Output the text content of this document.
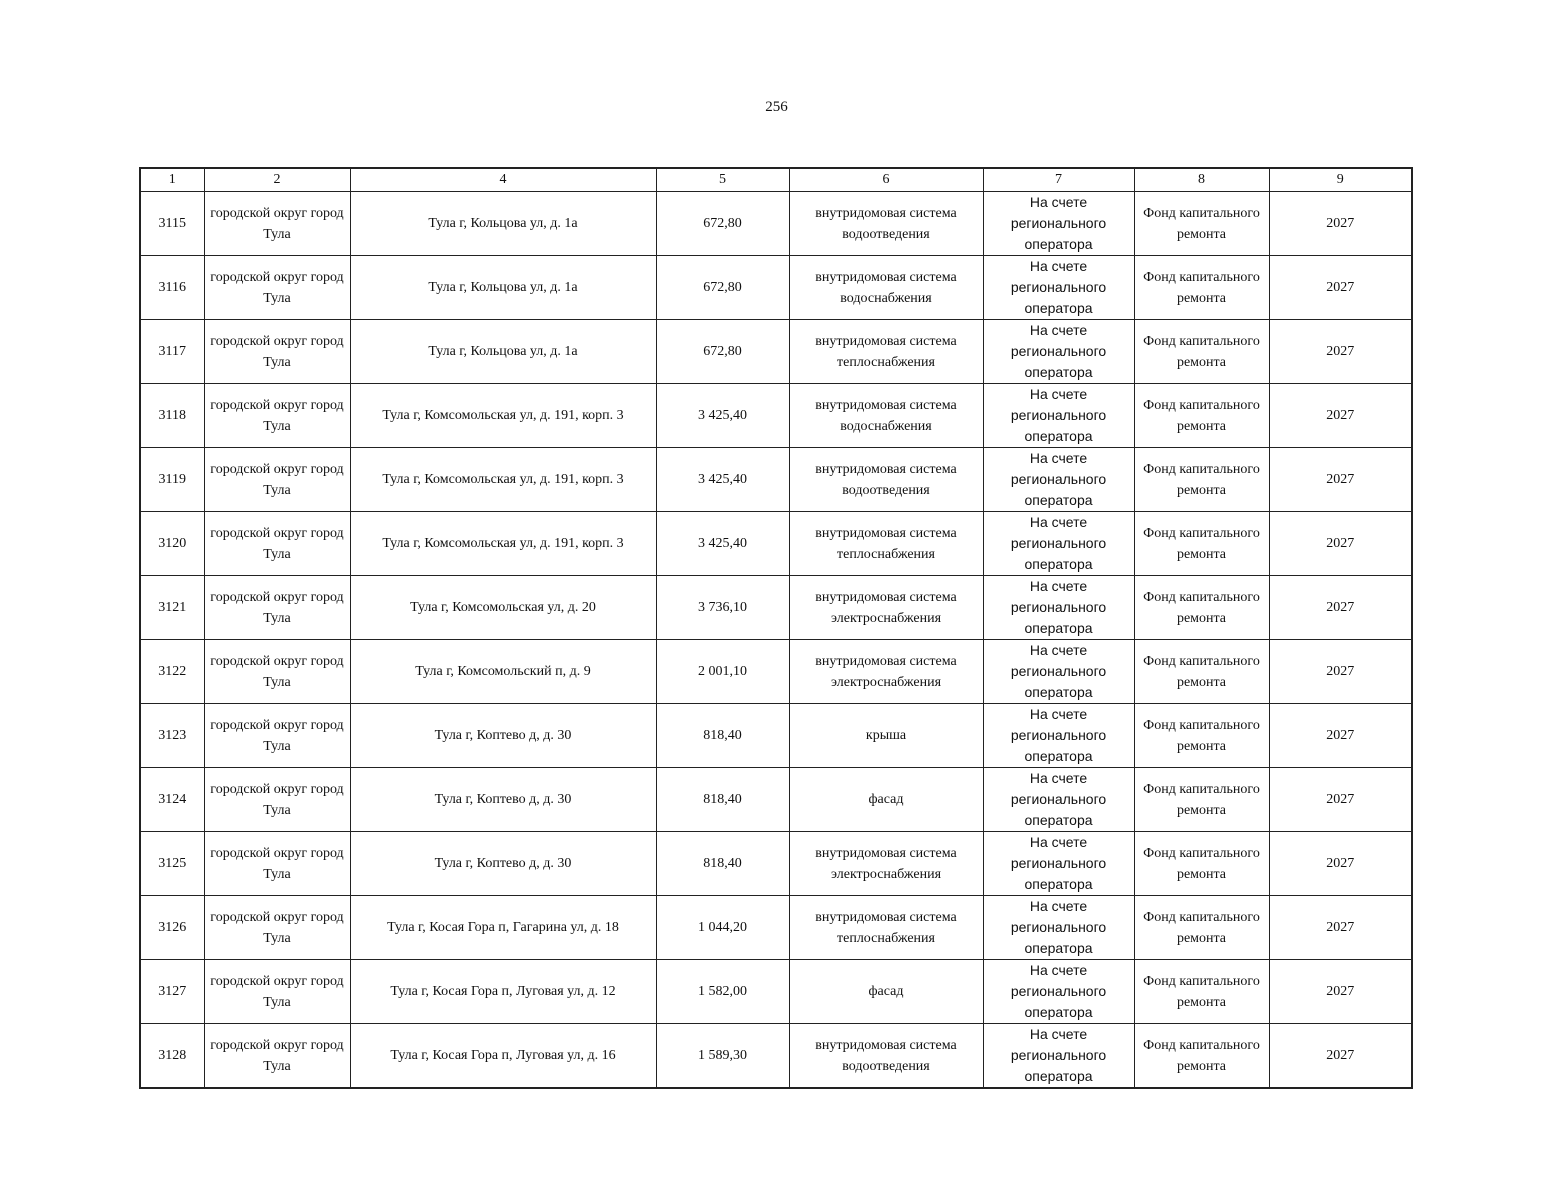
256
1	2	4	5	6	7	8	9
3115	городской округ город Тула	Тула г, Кольцова ул, д. 1а	672,80	внутридомовая система водоотведения	На счете регионального оператора	Фонд капитального ремонта	2027
3116	городской округ город Тула	Тула г, Кольцова ул, д. 1а	672,80	внутридомовая система водоснабжения	На счете регионального оператора	Фонд капитального ремонта	2027
3117	городской округ город Тула	Тула г, Кольцова ул, д. 1а	672,80	внутридомовая система теплоснабжения	На счете регионального оператора	Фонд капитального ремонта	2027
3118	городской округ город Тула	Тула г, Комсомольская ул, д. 191, корп. 3	3 425,40	внутридомовая система водоснабжения	На счете регионального оператора	Фонд капитального ремонта	2027
3119	городской округ город Тула	Тула г, Комсомольская ул, д. 191, корп. 3	3 425,40	внутридомовая система водоотведения	На счете регионального оператора	Фонд капитального ремонта	2027
3120	городской округ город Тула	Тула г, Комсомольская ул, д. 191, корп. 3	3 425,40	внутридомовая система теплоснабжения	На счете регионального оператора	Фонд капитального ремонта	2027
3121	городской округ город Тула	Тула г, Комсомольская ул, д. 20	3 736,10	внутридомовая система электроснабжения	На счете регионального оператора	Фонд капитального ремонта	2027
3122	городской округ город Тула	Тула г, Комсомольский п, д. 9	2 001,10	внутридомовая система электроснабжения	На счете регионального оператора	Фонд капитального ремонта	2027
3123	городской округ город Тула	Тула г, Коптево д, д. 30	818,40	крыша	На счете регионального оператора	Фонд капитального ремонта	2027
3124	городской округ город Тула	Тула г, Коптево д, д. 30	818,40	фасад	На счете регионального оператора	Фонд капитального ремонта	2027
3125	городской округ город Тула	Тула г, Коптево д, д. 30	818,40	внутридомовая система электроснабжения	На счете регионального оператора	Фонд капитального ремонта	2027
3126	городской округ город Тула	Тула г, Косая Гора п, Гагарина ул, д. 18	1 044,20	внутридомовая система теплоснабжения	На счете регионального оператора	Фонд капитального ремонта	2027
3127	городской округ город Тула	Тула г, Косая Гора п, Луговая ул, д. 12	1 582,00	фасад	На счете регионального оператора	Фонд капитального ремонта	2027
3128	городской округ город Тула	Тула г, Косая Гора п, Луговая ул, д. 16	1 589,30	внутридомовая система водоотведения	На счете регионального оператора	Фонд капитального ремонта	2027
